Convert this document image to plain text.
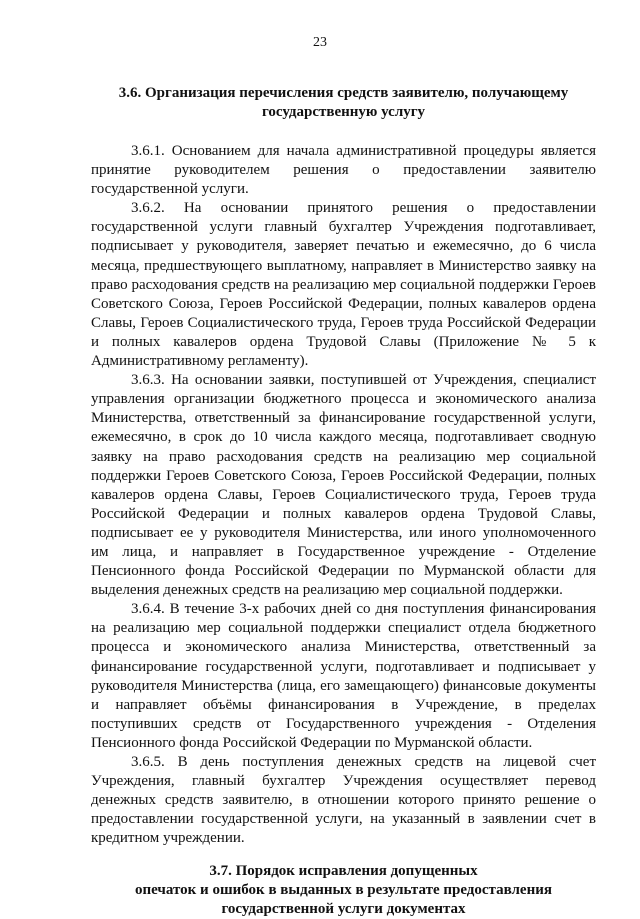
23
3.6. Организация перечисления средств заявителю, получающему
государственную услугу

3.6.1. Основанием для начала административной процедуры является принятие руководителем решения о предоставлении заявителю государственной услуги.

3.6.2. На основании принятого решения о предоставлении государственной услуги главный бухгалтер Учреждения подготавливает, подписывает у руководителя, заверяет печатью и ежемесячно, до 6 числа месяца, предшествующего выплатному, направляет в Министерство заявку на право расходования средств на реализацию мер социальной поддержки Героев Советского Союза, Героев Российской Федерации, полных кавалеров ордена Славы, Героев Социалистического труда, Героев труда Российской Федерации и полных кавалеров ордена Трудовой Славы (Приложение № 5 к Административному регламенту).

3.6.3. На основании заявки, поступившей от Учреждения, специалист управления организации бюджетного процесса и экономического анализа Министерства, ответственный за финансирование государственной услуги, ежемесячно, в срок до 10 числа каждого месяца, подготавливает сводную заявку на право расходования средств на реализацию мер социальной поддержки Героев Советского Союза, Героев Российской Федерации, полных кавалеров ордена Славы, Героев Социалистического труда, Героев труда Российской Федерации и полных кавалеров ордена Трудовой Славы, подписывает ее у руководителя Министерства, или иного уполномоченного им лица, и направляет в Государственное учреждение - Отделение Пенсионного фонда Российской Федерации по Мурманской области для выделения денежных средств на реализацию мер социальной поддержки.

3.6.4. В течение 3-х рабочих дней со дня поступления финансирования на реализацию мер социальной поддержки специалист отдела бюджетного процесса и экономического анализа Министерства, ответственный за финансирование государственной услуги, подготавливает и подписывает у руководителя Министерства (лица, его замещающего) финансовые документы и направляет объёмы финансирования в Учреждение, в пределах поступивших средств от Государственного учреждения - Отделения Пенсионного фонда Российской Федерации по Мурманской области.

3.6.5. В день поступления денежных средств на лицевой счет Учреждения, главный бухгалтер Учреждения осуществляет перевод денежных средств заявителю, в отношении которого принято решение о предоставлении государственной услуги, на указанный в заявлении счет в кредитном учреждении.

3.7. Порядок исправления допущенных
опечаток и ошибок в выданных в результате предоставления
государственной услуги документах
